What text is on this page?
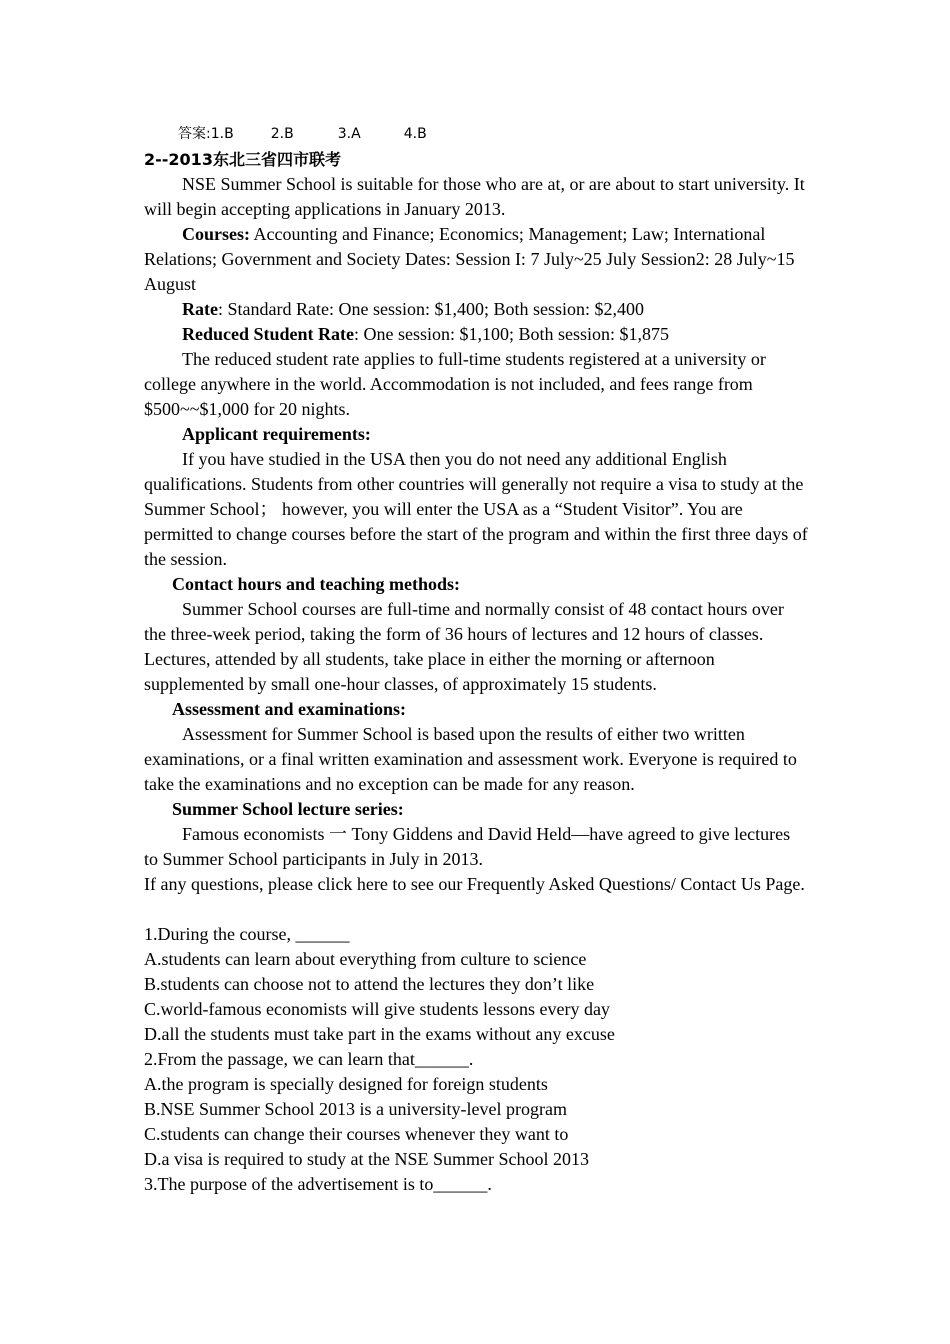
答案:1.B	2.B	3.A	4.B
2--2013东北三省四市联考

NSE Summer School is suitable for those who are at, or are about to start university. It will begin accepting applications in January 2013.

Courses: Accounting and Finance; Economics; Management; Law; International Relations; Government and Society Dates: Session I: 7 July~25 July Session2: 28 July~15 August

Rate: Standard Rate: One session: $1,400; Both session: $2,400

Reduced Student Rate: One session: $1,100; Both session: $1,875

The reduced student rate applies to full-time students registered at a university or college anywhere in the world. Accommodation is not included, and fees range from $500~~$1,000 for 20 nights.

Applicant requirements:

If you have studied in the USA then you do not need any additional English qualifications. Students from other countries will generally not require a visa to study at the Summer School； however, you will enter the USA as a “Student Visitor”. You are permitted to change courses before the start of the program and within the first three days of the session.

Contact hours and teaching methods:

Summer School courses are full-time and normally consist of 48 contact hours over the three-week period, taking the form of 36 hours of lectures and 12 hours of classes. Lectures, attended by all students, take place in either the morning or afternoon supplemented by small one-hour classes, of approximately 15 students.

Assessment and examinations:

Assessment for Summer School is based upon the results of either two written examinations, or a final written examination and assessment work. Everyone is required to take the examinations and no exception can be made for any reason.

Summer School lecture series:

Famous economists 一 Tony Giddens and David Held—have agreed to give lectures to Summer School participants in July in 2013.

If any questions, please click here to see our Frequently Asked Questions/ Contact Us Page.

1.During the course, ______

A.students can learn about everything from culture to science

B.students can choose not to attend the lectures they don’t like

C.world-famous economists will give students lessons every day

D.all the students must take part in the exams without any excuse

2.From the passage, we can learn that______.

A.the program is specially designed for foreign students

B.NSE Summer School 2013 is a university-level program

C.students can change their courses whenever they want to

D.a visa is required to study at the NSE Summer School 2013

3.The purpose of the advertisement is to______.
